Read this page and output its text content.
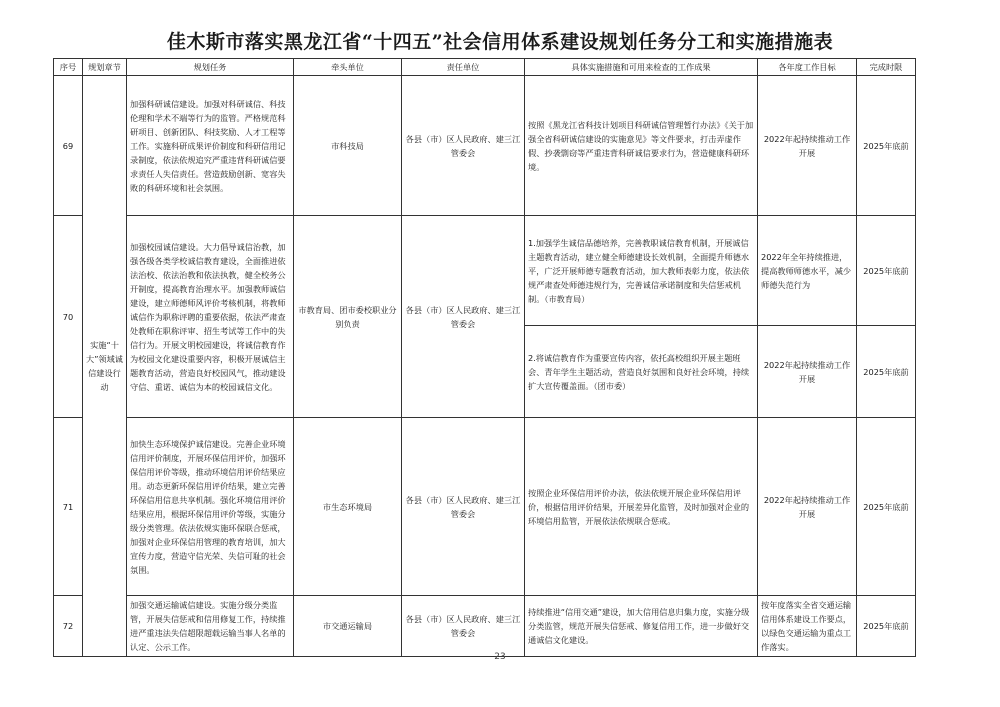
佳木斯市落实黑龙江省“十四五”社会信用体系建设规划任务分工和实施措施表
序号	规划章节	规划任务	牵头单位	责任单位	具体实施措施和可用来检查的工作成果	各年度工作目标	完成时限
69	实施“十大”领域诚信建设行动	加强科研诚信建设。加强对科研诚信、科技伦理和学术不端等行为的监管。严格规范科研项目、创新团队、科技奖励、人才工程等工作。实施科研成果评价制度和科研信用记录制度，依法依规追究严重违背科研诚信要求责任人失信责任。营造鼓励创新、宽容失败的科研环境和社会氛围。	市科技局	各县（市）区人民政府、建三江管委会	按照《黑龙江省科技计划项目科研诚信管理暂行办法》《关于加强全省科研诚信建设的实施意见》等文件要求，打击弄虚作假、抄袭剽窃等严重违背科研诚信要求行为，营造健康科研环境。	2022年起持续推动工作开展	2025年底前
70		加强校园诚信建设。大力倡导诚信治教，加强各级各类学校诚信教育建设，全面推进依法治校、依法治教和依法执教，健全校务公开制度，提高教育治理水平。加强教师诚信建设，建立师德师风评价考核机制，将教师诚信作为职称评聘的重要依据，依法严肃查处教师在职称评审、招生考试等工作中的失信行为。开展文明校园建设，将诚信教育作为校园文化建设重要内容，积极开展诚信主题教育活动，营造良好校园风气，推动建设守信、重诺、诚信为本的校园诚信文化。	市教育局、团市委校职业分别负责	各县（市）区人民政府、建三江管委会	1.加强学生诚信品德培养，完善教职诚信教育机制，开展诚信主题教育活动，建立健全师德建设长效机制，全面提升师德水平，广泛开展师德专题教育活动，加大教师表彰力度，依法依规严肃查处师德违规行为，完善诚信承诺制度和失信惩戒机制。（市教育局）	2022年全年持续推进，提高教师师德水平，减少师德失范行为	2025年底前
					2.将诚信教育作为重要宣传内容，依托高校组织开展主题班会、青年学生主题活动，营造良好氛围和良好社会环境，持续扩大宣传覆盖面。（团市委）	2022年起持续推动工作开展	2025年底前
71		加快生态环境保护诚信建设。完善企业环境信用评价制度，开展环保信用评价，加强环保信用评价等级，推动环境信用评价结果应用。动态更新环保信用评价结果，建立完善环保信用信息共享机制。强化环境信用评价结果应用，根据环保信用评价等级，实施分级分类管理。依法依规实施环保联合惩戒，加强对企业环保信用管理的教育培训，加大宣传力度，营造守信光荣、失信可耻的社会氛围。	市生态环境局	各县（市）区人民政府、建三江管委会	按照企业环保信用评价办法，依法依规开展企业环保信用评价，根据信用评价结果，开展差异化监管，及时加强对企业的环境信用监管，开展依法依规联合惩戒。	2022年起持续推动工作开展	2025年底前
72		加强交通运输诚信建设。实施分级分类监管，开展失信惩戒和信用修复工作，持续推进严重违法失信超限超载运输当事人名单的认定、公示工作。	市交通运输局	各县（市）区人民政府、建三江管委会	持续推进“信用交通”建设，加大信用信息归集力度，实施分级分类监管，规范开展失信惩戒、修复信用工作，进一步做好交通诚信文化建设。	按年度落实全省交通运输信用体系建设工作要点，以绿色交通运输为重点工作落实。	2025年底前
23
